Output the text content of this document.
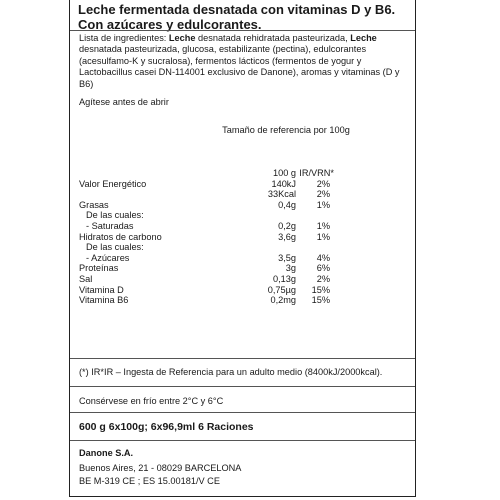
Leche fermentada desnatada con vitaminas D y B6. Con azúcares y edulcorantes.
Lista de ingredientes: Leche desnatada rehidratada pasteurizada, Leche desnatada pasteurizada, glucosa, estabilizante (pectina), edulcorantes (acesulfamo-K y sucralosa), fermentos lácticos (fermentos de yogur y Lactobacillus casei DN-114001 exclusivo de Danone), aromas y vitaminas (D y B6)
Agítese antes de abrir
Tamaño de referencia por 100g
100 g IR/VRN*
Valor Energético	140kJ 2%
33Kcal 2%
Grasas	0,4g 1%
De las cuales:
- Saturadas	0,2g 1%
Hidratos de carbono	3,6g 1%
De las cuales:
- Azúcares	3,5g 4%
Proteínas	3g 6%
Sal	0,13g 2%
Vitamina D	0,75µg 15%
Vitamina B6	0,2mg 15%
(*) IR*IR – Ingesta de Referencia para un adulto medio (8400kJ/2000kcal).
Consérvese en frío entre 2°C y 6°C
600 g 6x100g; 6x96,9ml 6 Raciones
Danone S.A.
Buenos Aires, 21 - 08029 BARCELONA
BE M-319 CE ; ES 15.00181/V CE
